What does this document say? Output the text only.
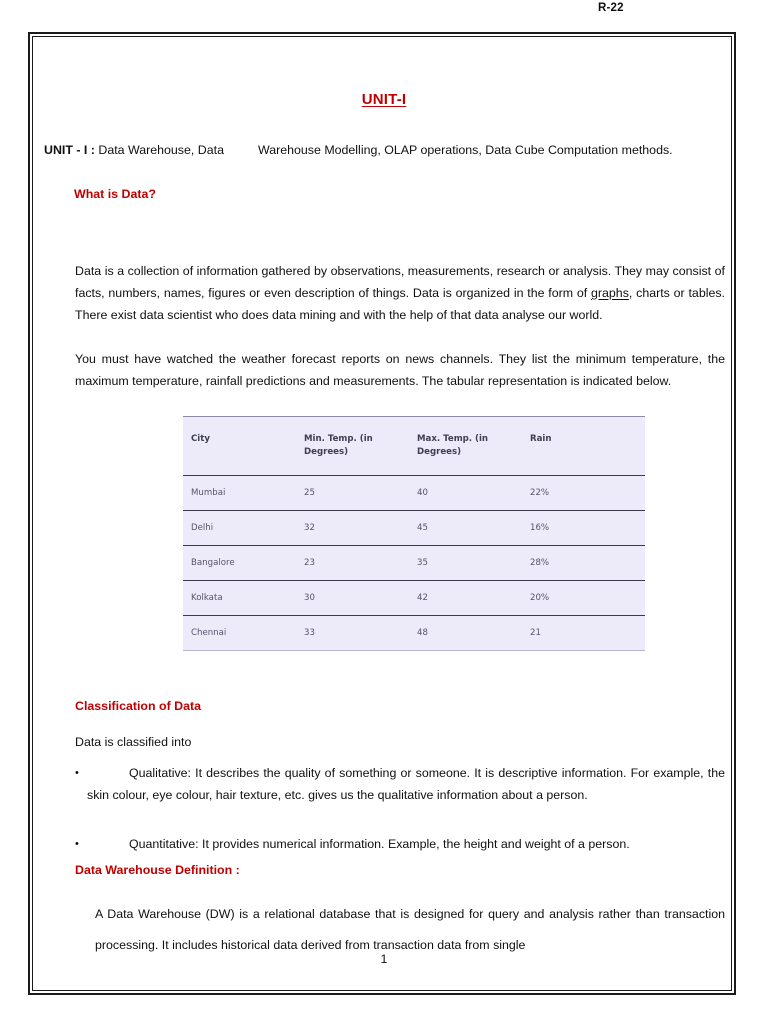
R-22
UNIT-I
UNIT - I : Data Warehouse, Data	Warehouse Modelling, OLAP operations, Data Cube Computation methods.
What is Data?
Data is a collection of information gathered by observations, measurements, research or analysis. They may consist of facts, numbers, names, figures or even description of things. Data is organized in the form of graphs, charts or tables. There exist data scientist who does data mining and with the help of that data analyse our world.
You must have watched the weather forecast reports on news channels. They list the minimum temperature, the maximum temperature, rainfall predictions and measurements. The tabular representation is indicated below.
City	Min. Temp. (in Degrees)	Max. Temp. (in Degrees)	Rain
Mumbai	25	40	22%
Delhi	32	45	16%
Bangalore	23	35	28%
Kolkata	30	42	20%
Chennai	33	48	21
Classification of Data
Data is classified into
•	Qualitative: It describes the quality of something or someone. It is descriptive information. For example, the skin colour, eye colour, hair texture, etc. gives us the qualitative information about a person.
•	Quantitative: It provides numerical information. Example, the height and weight of a person.
Data Warehouse Definition :
A Data Warehouse (DW) is a relational database that is designed for query and analysis rather than transaction processing. It includes historical data derived from transaction data from single
1
